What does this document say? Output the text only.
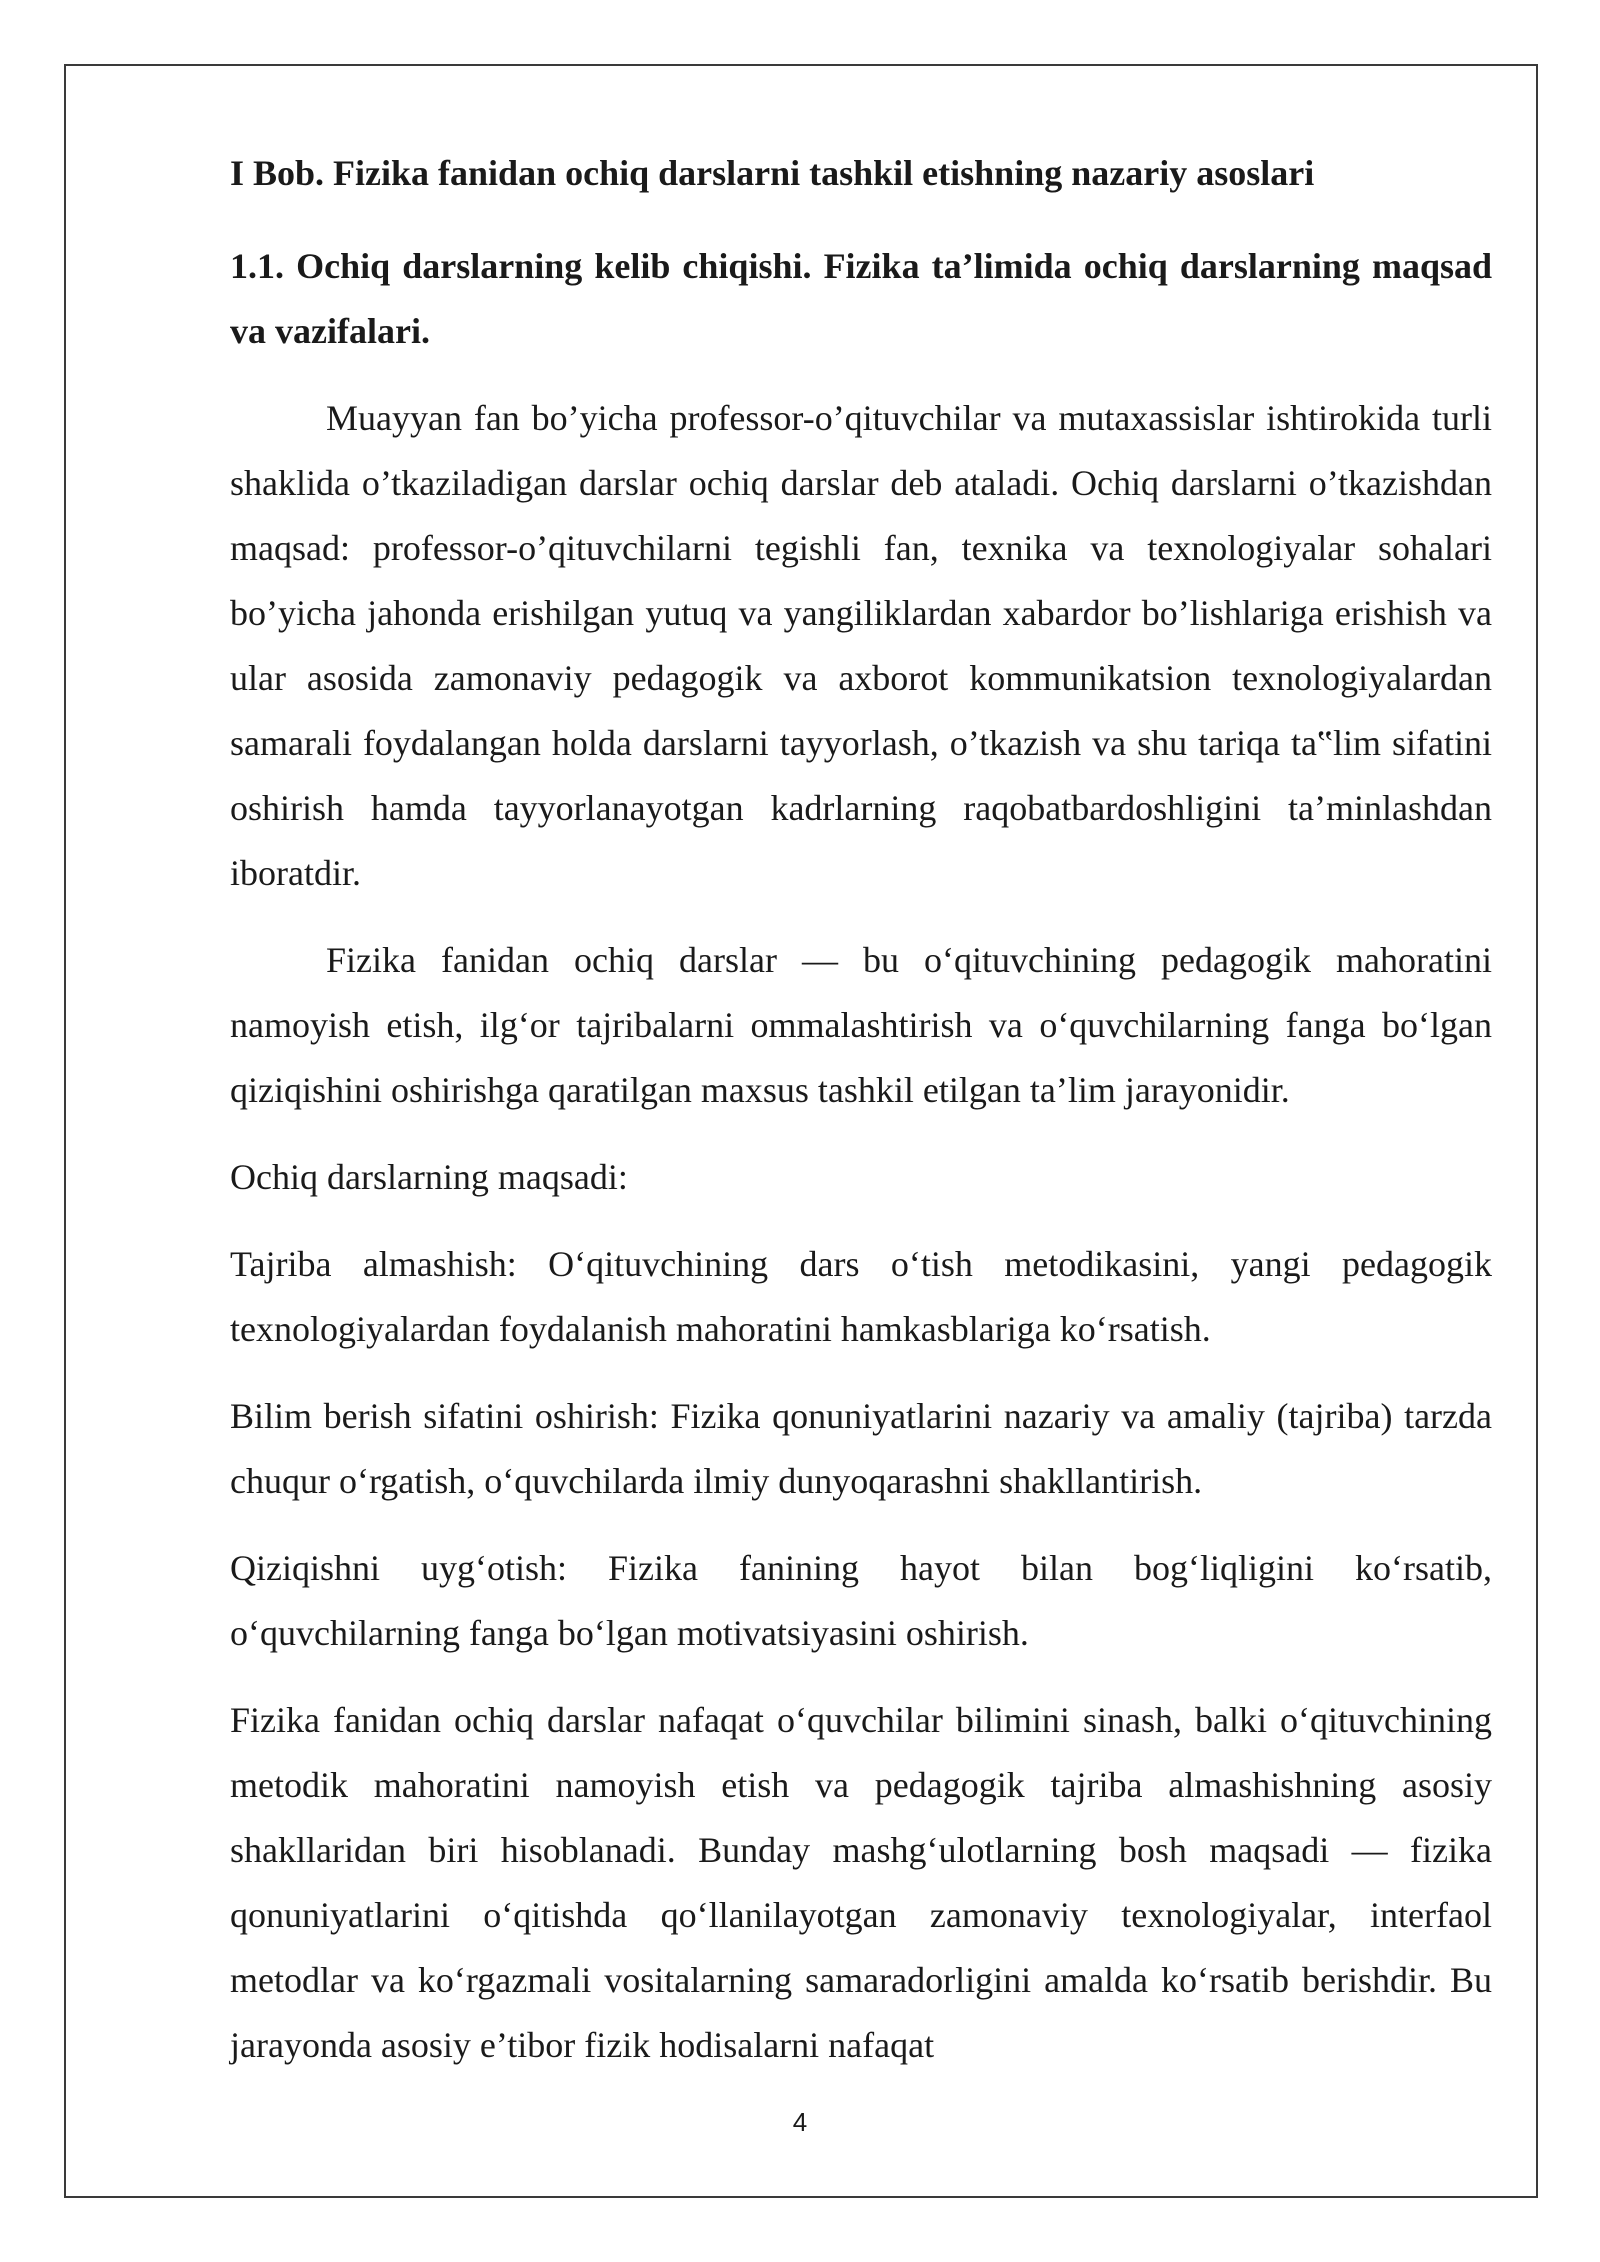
I Bob. Fizika fanidan ochiq darslarni tashkil etishning nazariy asoslari
1.1. Ochiq darslarning kelib chiqishi. Fizika ta’limida ochiq darslarning maqsad va vazifalari.
Muayyan fan bo’yicha professor-o’qituvchilar va mutaxassislar ishtirokida turli shaklida o’tkaziladigan darslar ochiq darslar deb ataladi. Ochiq darslarni o’tkazishdan maqsad: professor-o’qituvchilarni tegishli fan, texnika va texnologiyalar sohalari bo’yicha jahonda erishilgan yutuq va yangiliklardan xabardor bo’lishlariga erishish va ular asosida zamonaviy pedagogik va axborot kommunikatsion texnologiyalardan samarali foydalangan holda darslarni tayyorlash, o’tkazish va shu tariqa ta‟lim sifatini oshirish hamda tayyorlanayotgan kadrlarning raqobatbardoshligini ta’minlashdan iboratdir.
Fizika fanidan ochiq darslar — bu oʻqituvchining pedagogik mahoratini namoyish etish, ilgʻor tajribalarni ommalashtirish va oʻquvchilarning fanga boʻlgan qiziqishini oshirishga qaratilgan maxsus tashkil etilgan ta’lim jarayonidir.
Ochiq darslarning maqsadi:
Tajriba almashish: Oʻqituvchining dars oʻtish metodikasini, yangi pedagogik texnologiyalardan foydalanish mahoratini hamkasblariga koʻrsatish.
Bilim berish sifatini oshirish: Fizika qonuniyatlarini nazariy va amaliy (tajriba) tarzda chuqur oʻrgatish, oʻquvchilarda ilmiy dunyoqarashni shakllantirish.
Qiziqishni uygʻotish: Fizika fanining hayot bilan bogʻliqligini koʻrsatib, oʻquvchilarning fanga boʻlgan motivatsiyasini oshirish.
Fizika fanidan ochiq darslar nafaqat oʻquvchilar bilimini sinash, balki oʻqituvchining metodik mahoratini namoyish etish va pedagogik tajriba almashishning asosiy shakllaridan biri hisoblanadi. Bunday mashgʻulotlarning bosh maqsadi — fizika qonuniyatlarini oʻqitishda qoʻllanilayotgan zamonaviy texnologiyalar, interfaol metodlar va koʻrgazmali vositalarning samaradorligini amalda koʻrsatib berishdir. Bu jarayonda asosiy e’tibor fizik hodisalarni nafaqat
4
